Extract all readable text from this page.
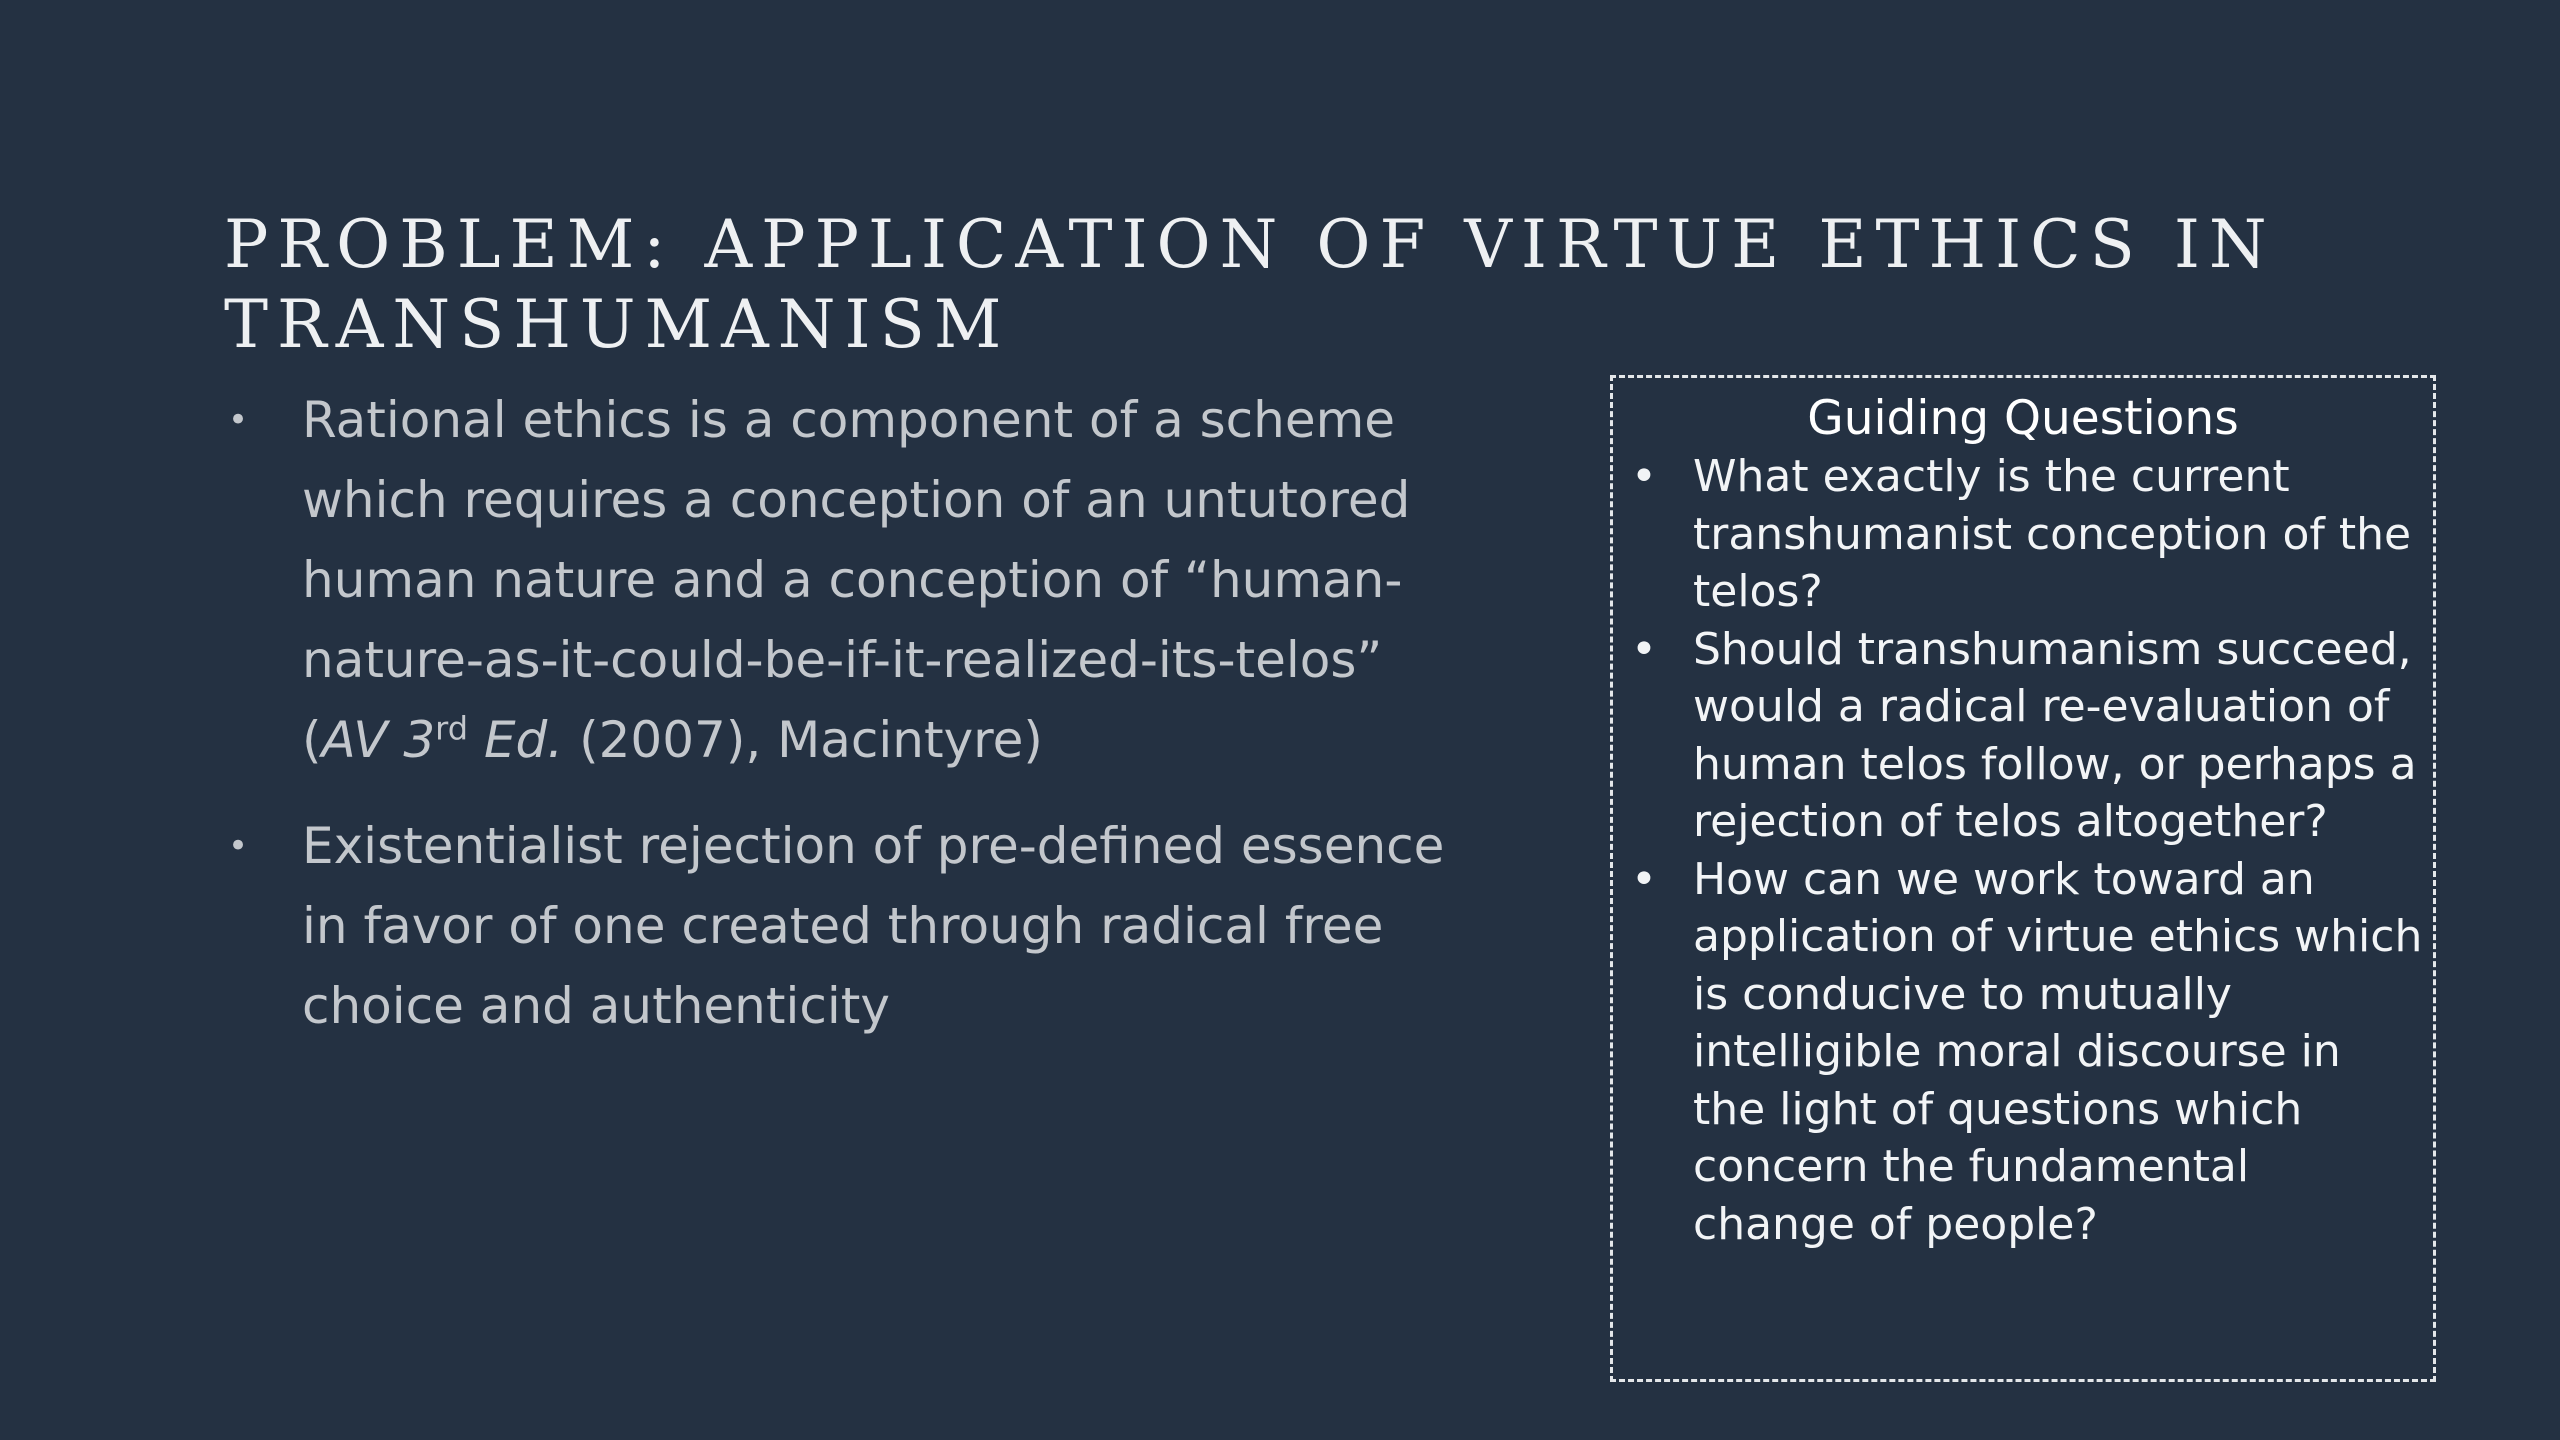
PROBLEM: APPLICATION OF VIRTUE ETHICS IN TRANSHUMANISM
• Rational ethics is a component of a scheme which requires a conception of an untutored human nature and a conception of “human-nature-as-it-could-be-if-it-realized-its-telos” (AV 3rd Ed. (2007), Macintyre)
• Existentialist rejection of pre-defined essence in favor of one created through radical free choice and authenticity
Guiding Questions
• What exactly is the current transhumanist conception of the telos?
• Should transhumanism succeed, would a radical re-evaluation of human telos follow, or perhaps a rejection of telos altogether?
• How can we work toward an application of virtue ethics which is conducive to mutually intelligible moral discourse in the light of questions which concern the fundamental change of people?
